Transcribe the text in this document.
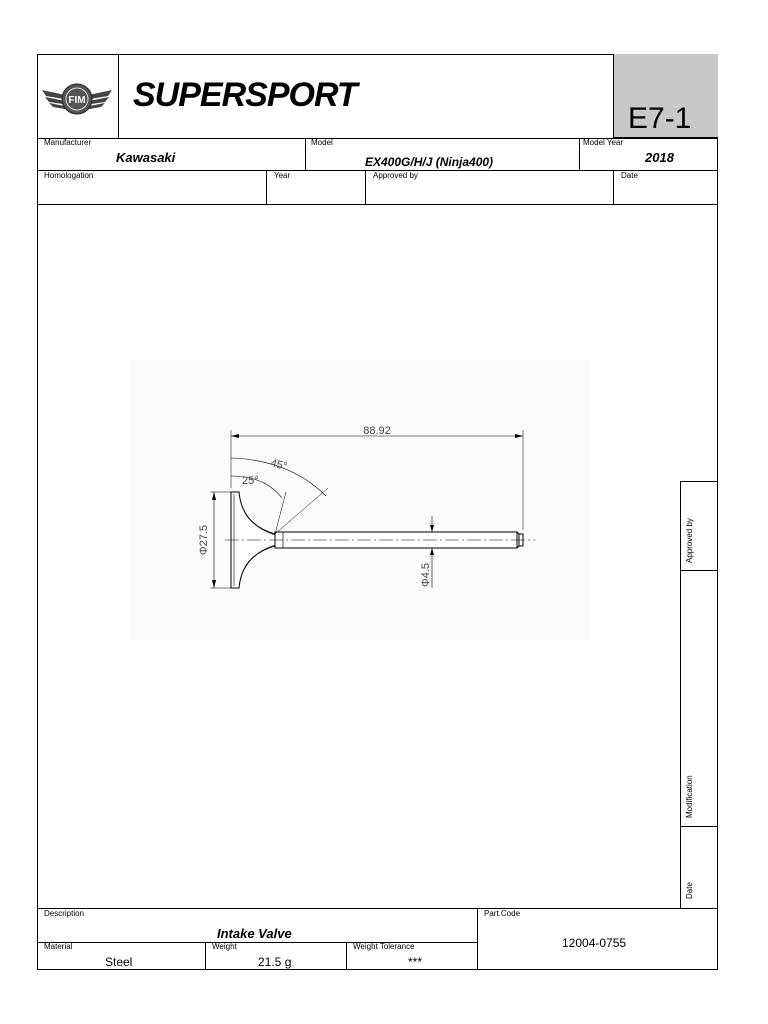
E7-1
FIM SUPERSPORT
Manufacturer
Kawasaki
Model
EX400G/H/J (Ninja400)
Model Year
2018
Homologation	Year	Approved by	Date
88.92
45°
25°
Φ27.5
Φ4.5
Approved by
Modification
Date
Description
Intake Valve
Part.Code
12004-0755
Material
Steel
Weight
21.5 g
Weight Tolerance
***
